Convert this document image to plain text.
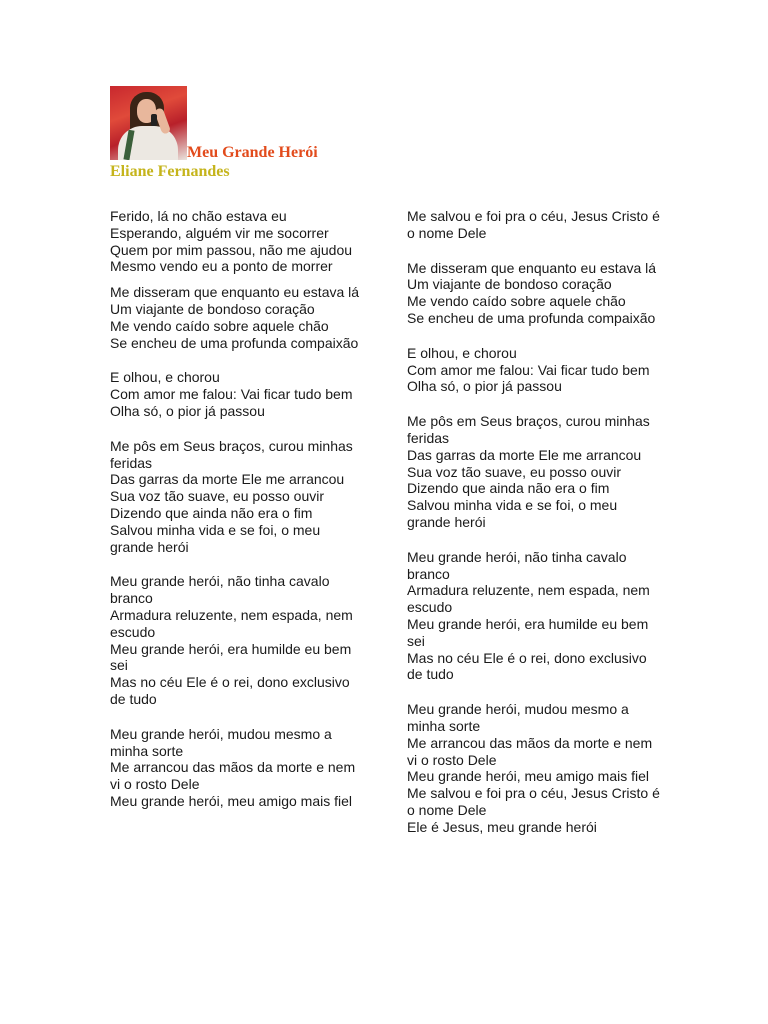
Meu Grande Herói
Eliane Fernandes

Ferido, lá no chão estava eu

Esperando, alguém vir me socorrer

Quem por mim passou, não me ajudou

Mesmo vendo eu a ponto de morrer

Me disseram que enquanto eu estava lá

Um viajante de bondoso coração

Me vendo caído sobre aquele chão

Se encheu de uma profunda compaixão

E olhou, e chorou

Com amor me falou: Vai ficar tudo bem

Olha só, o pior já passou

Me pôs em Seus braços, curou minhas feridas

Das garras da morte Ele me arrancou

Sua voz tão suave, eu posso ouvir

Dizendo que ainda não era o fim

Salvou minha vida e se foi, o meu grande herói

Meu grande herói, não tinha cavalo branco

Armadura reluzente, nem espada, nem escudo

Meu grande herói, era humilde eu bem sei

Mas no céu Ele é o rei, dono exclusivo de tudo

Meu grande herói, mudou mesmo a minha sorte

Me arrancou das mãos da morte e nem vi o rosto Dele

Meu grande herói, meu amigo mais fiel

Me salvou e foi pra o céu, Jesus Cristo é o nome Dele

Me disseram que enquanto eu estava lá

Um viajante de bondoso coração

Me vendo caído sobre aquele chão

Se encheu de uma profunda compaixão

E olhou, e chorou

Com amor me falou: Vai ficar tudo bem

Olha só, o pior já passou

Me pôs em Seus braços, curou minhas feridas

Das garras da morte Ele me arrancou

Sua voz tão suave, eu posso ouvir

Dizendo que ainda não era o fim

Salvou minha vida e se foi, o meu grande herói

Meu grande herói, não tinha cavalo branco

Armadura reluzente, nem espada, nem escudo

Meu grande herói, era humilde eu bem sei

Mas no céu Ele é o rei, dono exclusivo de tudo

Meu grande herói, mudou mesmo a minha sorte

Me arrancou das mãos da morte e nem vi o rosto Dele

Meu grande herói, meu amigo mais fiel

Me salvou e foi pra o céu, Jesus Cristo é o nome Dele

Ele é Jesus, meu grande herói
